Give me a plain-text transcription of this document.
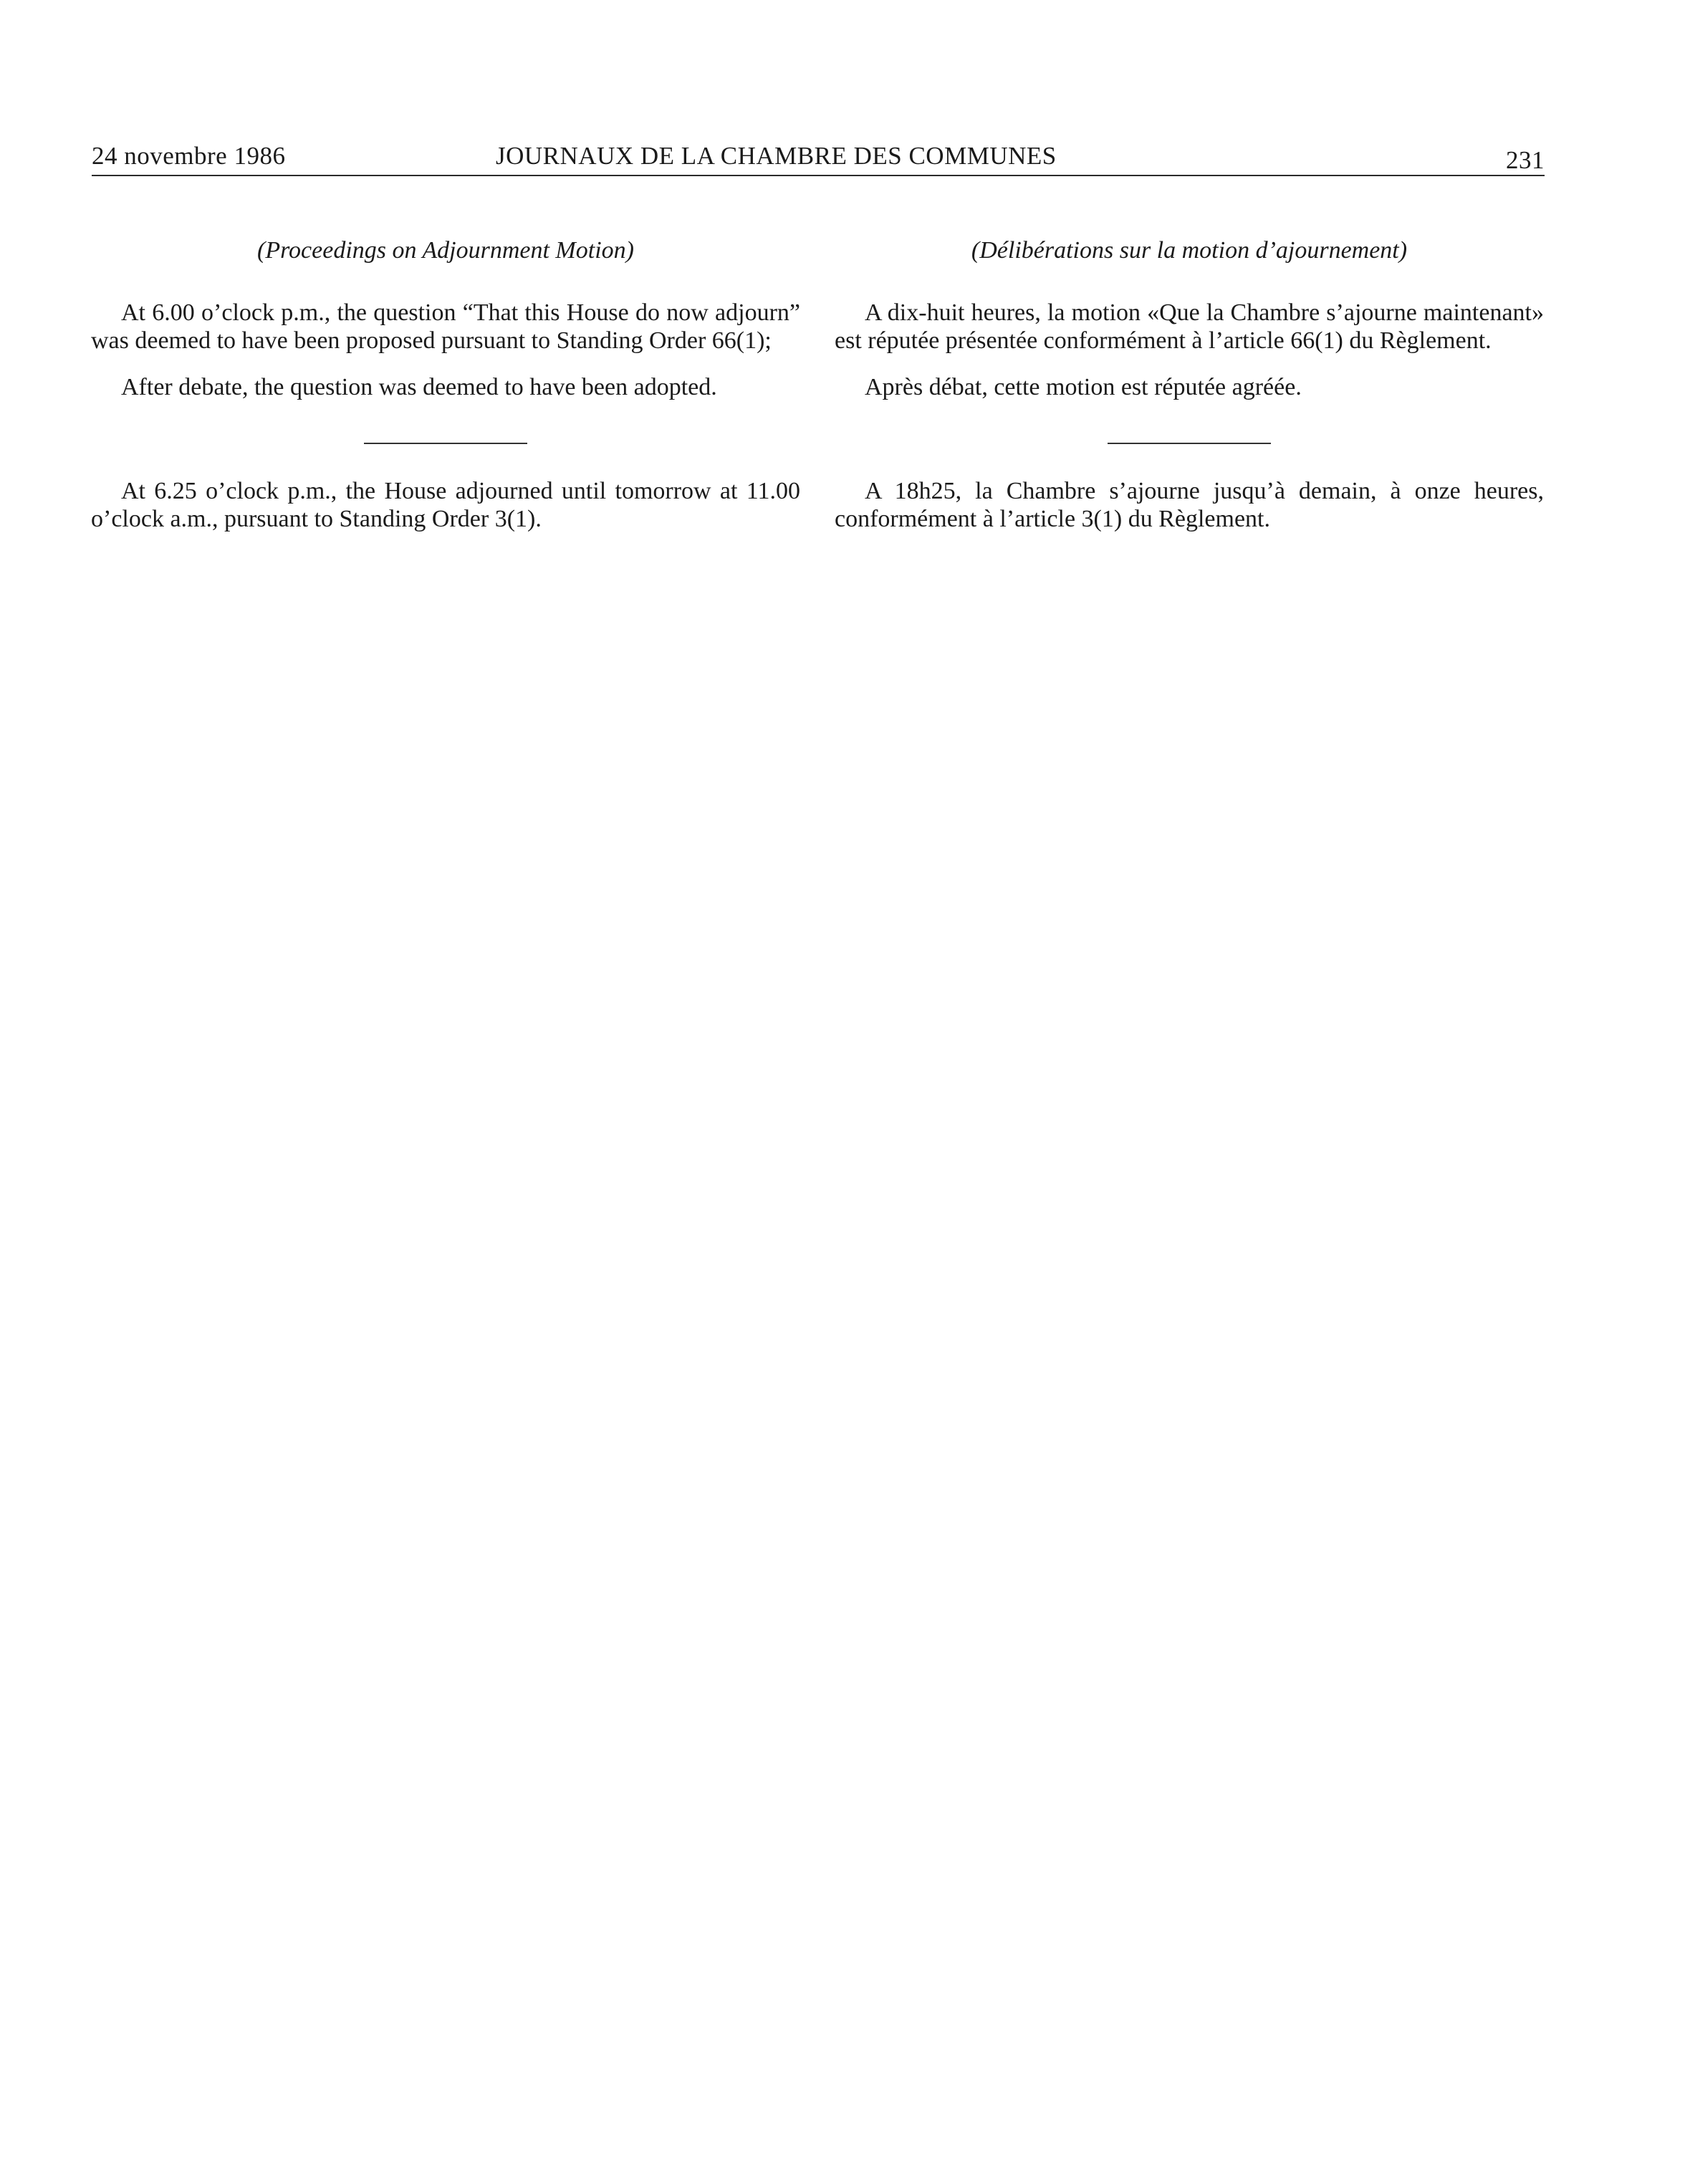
24 novembre 1986	JOURNAUX DE LA CHAMBRE DES COMMUNES	231

(Proceedings on Adjournment Motion)

At 6.00 o’clock p.m., the question “That this House do now adjourn” was deemed to have been proposed pursuant to Standing Order 66(1);

After debate, the question was deemed to have been adopted.

At 6.25 o’clock p.m., the House adjourned until tomorrow at 11.00 o’clock a.m., pursuant to Standing Order 3(1).

(Délibérations sur la motion d’ajournement)

A dix-huit heures, la motion «Que la Chambre s’ajourne maintenant» est réputée présentée conformément à l’article 66(1) du Règlement.

Après débat, cette motion est réputée agréée.

A 18h25, la Chambre s’ajourne jusqu’à demain, à onze heures, conformément à l’article 3(1) du Règlement.
